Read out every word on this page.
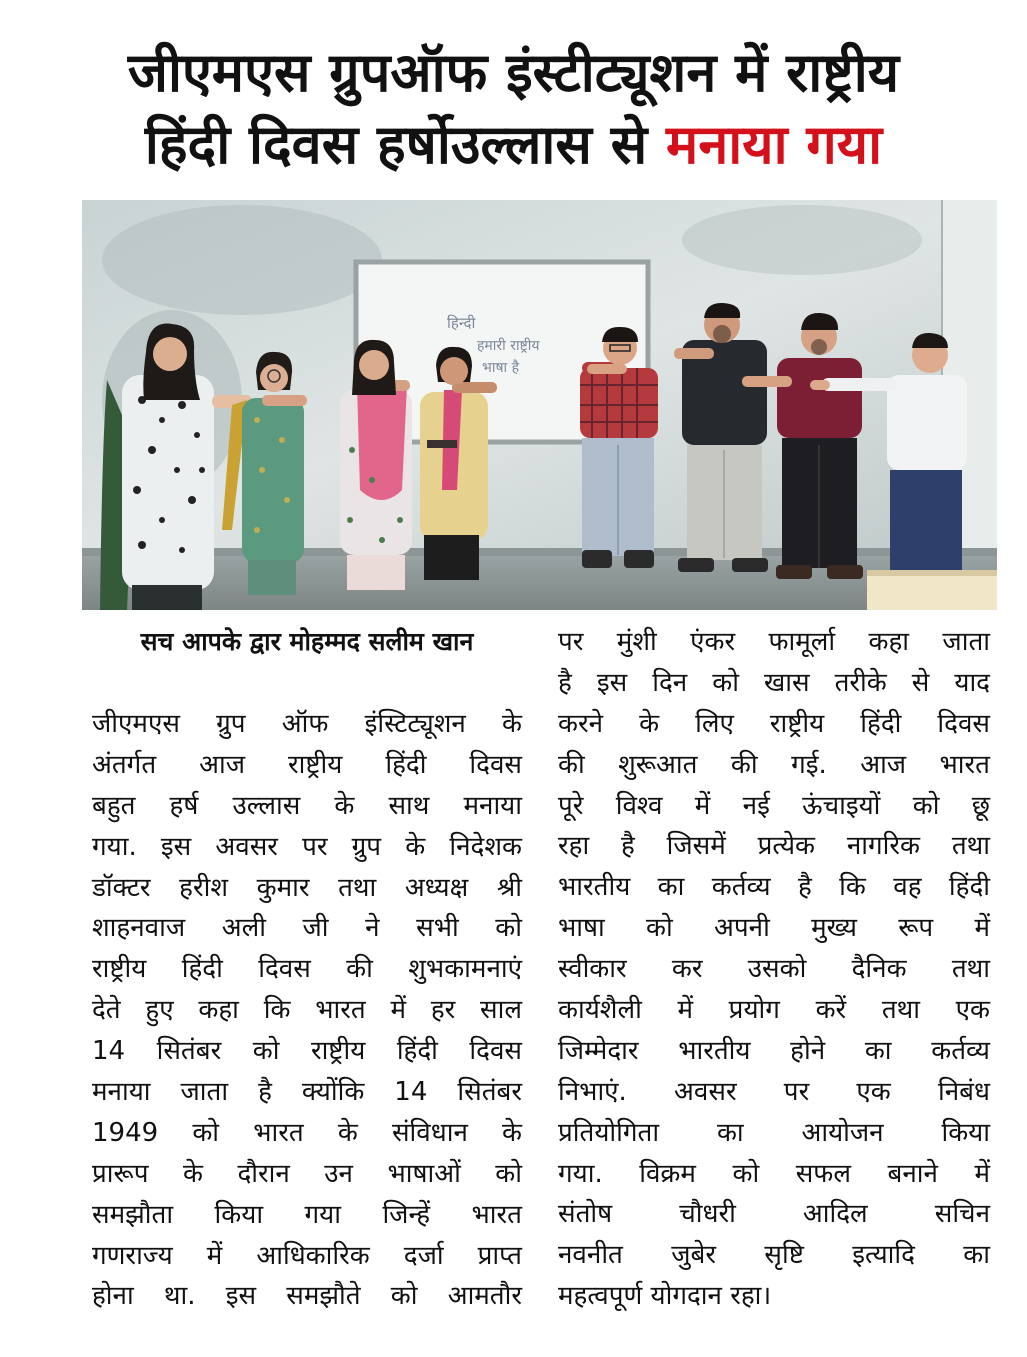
जीएमएस ग्रुपऑफ इंस्टीट्यूशन में राष्ट्रीय
हिंदी दिवस हर्षोउल्लास से मनाया गया
हिन्दी
हमारी राष्ट्रीय
भाषा है
सच आपके द्वार मोहम्मद सलीम खान
जीएमएस ग्रुप ऑफ इंस्टिट्यूशन के
अंतर्गत आज राष्ट्रीय हिंदी दिवस
बहुत हर्ष उल्लास के साथ मनाया
गया. इस अवसर पर ग्रुप के निदेशक
डॉक्टर हरीश कुमार तथा अध्यक्ष श्री
शाहनवाज अली जी ने सभी को
राष्ट्रीय हिंदी दिवस की शुभकामनाएं
देते हुए कहा कि भारत में हर साल
14 सितंबर को राष्ट्रीय हिंदी दिवस
मनाया जाता है क्योंकि 14 सितंबर
1949 को भारत के संविधान के
प्रारूप के दौरान उन भाषाओं को
समझौता किया गया जिन्हें भारत
गणराज्य में आधिकारिक दर्जा प्राप्त
होना था. इस समझौते को आमतौर
पर मुंशी एंकर फामूर्ला कहा जाता
है इस दिन को खास तरीके से याद
करने के लिए राष्ट्रीय हिंदी दिवस
की शुरूआत की गई. आज भारत
पूरे विश्व में नई ऊंचाइयों को छू
रहा है जिसमें प्रत्येक नागरिक तथा
भारतीय का कर्तव्य है कि वह हिंदी
भाषा को अपनी मुख्य रूप में
स्वीकार कर उसको दैनिक तथा
कार्यशैली में प्रयोग करें तथा एक
जिम्मेदार भारतीय होने का कर्तव्य
निभाएं. अवसर पर एक निबंध
प्रतियोगिता का आयोजन किया
गया. विक्रम को सफल बनाने में
संतोष चौधरी आदिल सचिन
नवनीत जुबेर सृष्टि इत्यादि का
महत्वपूर्ण योगदान रहा।
